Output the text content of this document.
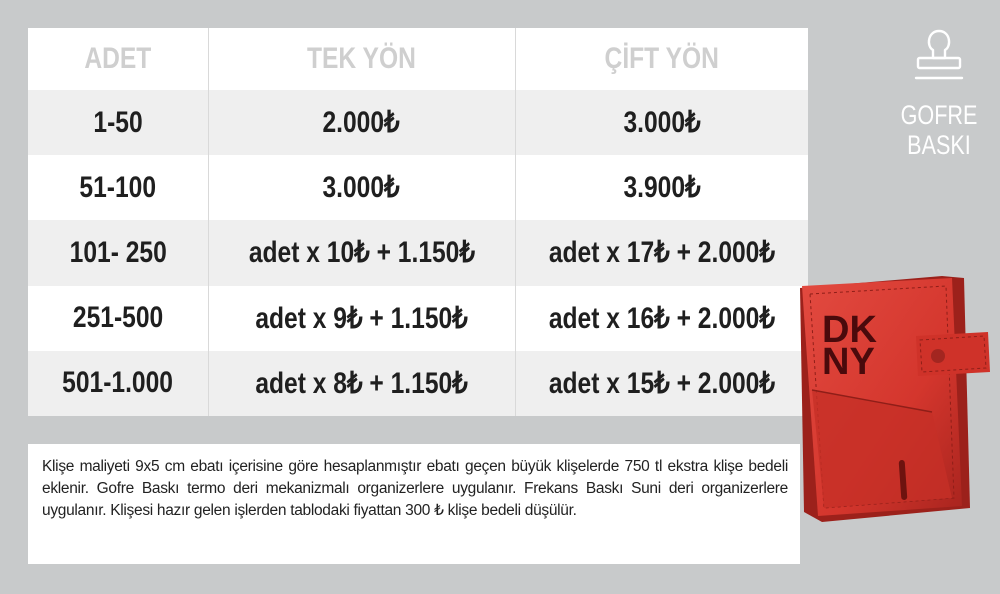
ADET	TEK YÖN	ÇİFT YÖN
1-50	2.000₺	3.000₺
51-100	3.000₺	3.900₺
101- 250	adet x 10₺ + 1.150₺	adet x 17₺ + 2.000₺
251-500	adet x 9₺ + 1.150₺	adet x 16₺ + 2.000₺
501-1.000	adet x 8₺ + 1.150₺	adet x 15₺ + 2.000₺

Klişe maliyeti 9x5 cm ebatı içerisine göre hesaplanmıştır ebatı geçen büyük klişelerde 750 tl ekstra klişe bedeli eklenir. Gofre Baskı termo deri mekanizmalı organizerlere uygulanır. Frekans Baskı Suni deri organizerlere uygulanır. Klişesi hazır gelen işlerden tablodaki fiyattan 300 ₺ klişe bedeli düşülür.

GOFRE
BASKI
DK
NY
